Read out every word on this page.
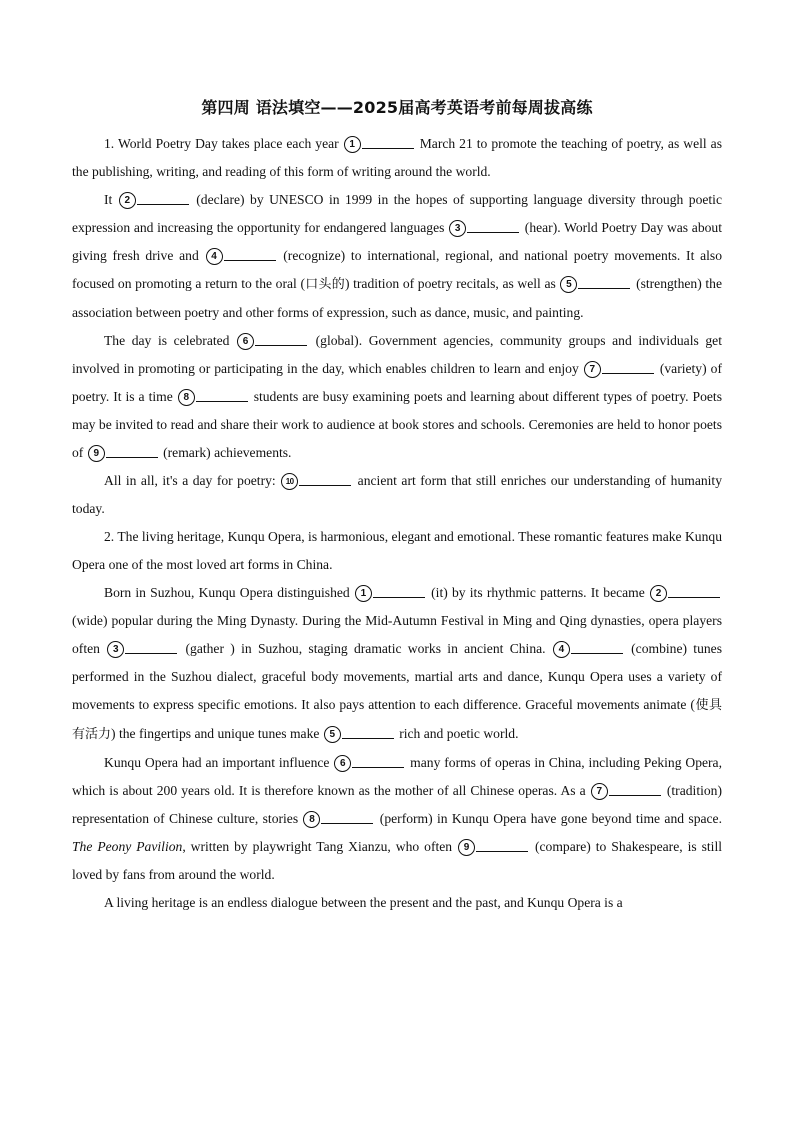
第四周 语法填空——2025届高考英语考前每周拔高练

1. World Poetry Day takes place each year 1	March 21 to promote the teaching of poetry, as well as the publishing, writing, and reading of this form of writing around the world.

It 2	(declare) by UNESCO in 1999 in the hopes of supporting language diversity through poetic expression and increasing the opportunity for endangered languages 3	(hear). World Poetry Day was about giving fresh drive and 4	(recognize) to international, regional, and national poetry movements. It also focused on promoting a return to the oral (口头的) tradition of poetry recitals, as well as 5	(strengthen) the association between poetry and other forms of expression, such as dance, music, and painting.

The day is celebrated 6	(global). Government agencies, community groups and individuals get involved in promoting or participating in the day, which enables children to learn and enjoy 7	(variety) of poetry. It is a time 8	students are busy examining poets and learning about different types of poetry. Poets may be invited to read and share their work to audience at book stores and schools. Ceremonies are held to honor poets of 9	(remark) achievements.

All in all, it's a day for poetry: 10	ancient art form that still enriches our understanding of humanity today.

2. The living heritage, Kunqu Opera, is harmonious, elegant and emotional. These romantic features make Kunqu Opera one of the most loved art forms in China.

Born in Suzhou, Kunqu Opera distinguished 1	(it) by its rhythmic patterns. It became 2 (wide) popular during the Ming Dynasty. During the Mid-Autumn Festival in Ming and Qing dynasties, opera players often 3	(gather ) in Suzhou, staging dramatic works in ancient China. 4	(combine) tunes performed in the Suzhou dialect, graceful body movements, martial arts and dance, Kunqu Opera uses a variety of movements to express specific emotions. It also pays attention to each difference. Graceful movements animate (使具有活力) the fingertips and unique tunes make 5	rich and poetic world.

Kunqu Opera had an important influence 6	many forms of operas in China, including Peking Opera, which is about 200 years old. It is therefore known as the mother of all Chinese operas. As a 7	(tradition) representation of Chinese culture, stories 8	(perform) in Kunqu Opera have gone beyond time and space. The Peony Pavilion, written by playwright Tang Xianzu, who often 9	(compare) to Shakespeare, is still loved by fans from around the world.

A living heritage is an endless dialogue between the present and the past, and Kunqu Opera is a
